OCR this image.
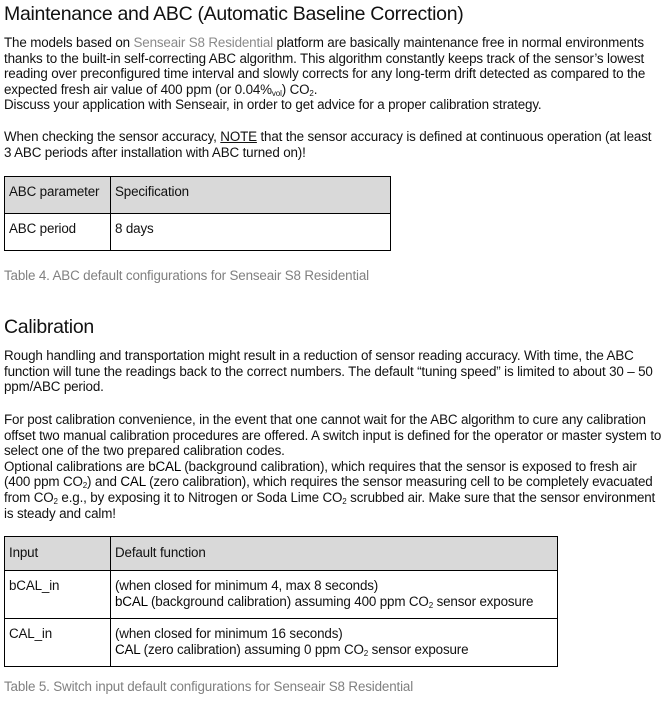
Maintenance and ABC (Automatic Baseline Correction)

The models based on Senseair S8 Residential platform are basically maintenance free in normal environments thanks to the built-in self-correcting ABC algorithm. This algorithm constantly keeps track of the sensor’s lowest reading over preconfigured time interval and slowly corrects for any long-term drift detected as compared to the expected fresh air value of 400 ppm (or $0.04\%_{vol}$) $CO_2$.
Discuss your application with Senseair, in order to get advice for a proper calibration strategy.

When checking the sensor accuracy, NOTE that the sensor accuracy is defined at continuous operation (at least 3 ABC periods after installation with ABC turned on)!

ABC parameter	Specification
ABC period	8 days
Table 4. ABC default configurations for Senseair S8 Residential
Calibration

Rough handling and transportation might result in a reduction of sensor reading accuracy. With time, the ABC function will tune the readings back to the correct numbers. The default “tuning speed” is limited to about 30 – 50 ppm/ABC period.

For post calibration convenience, in the event that one cannot wait for the ABC algorithm to cure any calibration offset two manual calibration procedures are offered. A switch input is defined for the operator or master system to select one of the two prepared calibration codes.
Optional calibrations are bCAL (background calibration), which requires that the sensor is exposed to fresh air (400 ppm $CO_2$) and CAL (zero calibration), which requires the sensor measuring cell to be completely evacuated from $CO_2$ e.g., by exposing it to Nitrogen or Soda Lime $CO_2$ scrubbed air. Make sure that the sensor environment is steady and calm!

Input	Default function
bCAL_in	(when closed for minimum 4, max 8 seconds)
bCAL (background calibration) assuming 400 ppm $CO_2$ sensor exposure
CAL_in	(when closed for minimum 16 seconds)
CAL (zero calibration) assuming 0 ppm $CO_2$ sensor exposure
Table 5. Switch input default configurations for Senseair S8 Residential
